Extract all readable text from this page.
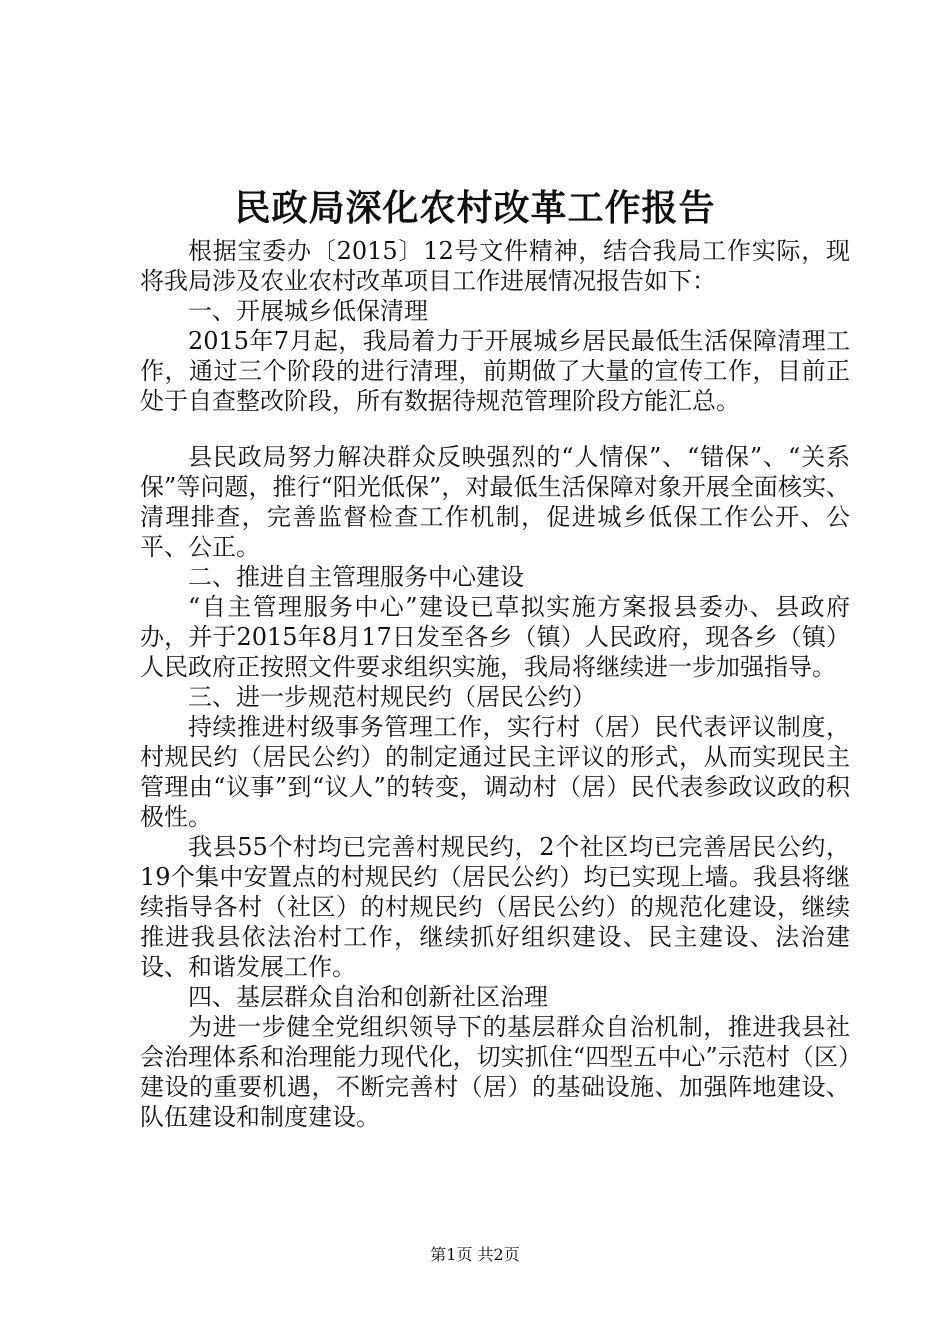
民政局深化农村改革工作报告

根据宝委办〔2015〕12号文件精神，结合我局工作实际，现将我局涉及农业农村改革项目工作进展情况报告如下：

一、开展城乡低保清理

2015年7月起，我局着力于开展城乡居民最低生活保障清理工作，通过三个阶段的进行清理，前期做了大量的宣传工作，目前正处于自查整改阶段，所有数据待规范管理阶段方能汇总。

县民政局努力解决群众反映强烈的“人情保”、“错保”、“关系保”等问题，推行“阳光低保”，对最低生活保障对象开展全面核实、清理排查，完善监督检查工作机制，促进城乡低保工作公开、公平、公正。

二、推进自主管理服务中心建设

“自主管理服务中心”建设已草拟实施方案报县委办、县政府办，并于2015年8月17日发至各乡（镇）人民政府，现各乡（镇）人民政府正按照文件要求组织实施，我局将继续进一步加强指导。

三、进一步规范村规民约（居民公约）

持续推进村级事务管理工作，实行村（居）民代表评议制度，村规民约（居民公约）的制定通过民主评议的形式，从而实现民主管理由“议事”到“议人”的转变，调动村（居）民代表参政议政的积极性。

我县55个村均已完善村规民约，2个社区均已完善居民公约，19个集中安置点的村规民约（居民公约）均已实现上墙。我县将继续指导各村（社区）的村规民约（居民公约）的规范化建设，继续推进我县依法治村工作，继续抓好组织建设、民主建设、法治建设、和谐发展工作。

四、基层群众自治和创新社区治理

为进一步健全党组织领导下的基层群众自治机制，推进我县社会治理体系和治理能力现代化，切实抓住“四型五中心”示范村（区）建设的重要机遇，不断完善村（居）的基础设施、加强阵地建设、队伍建设和制度建设。

第1页 共2页
